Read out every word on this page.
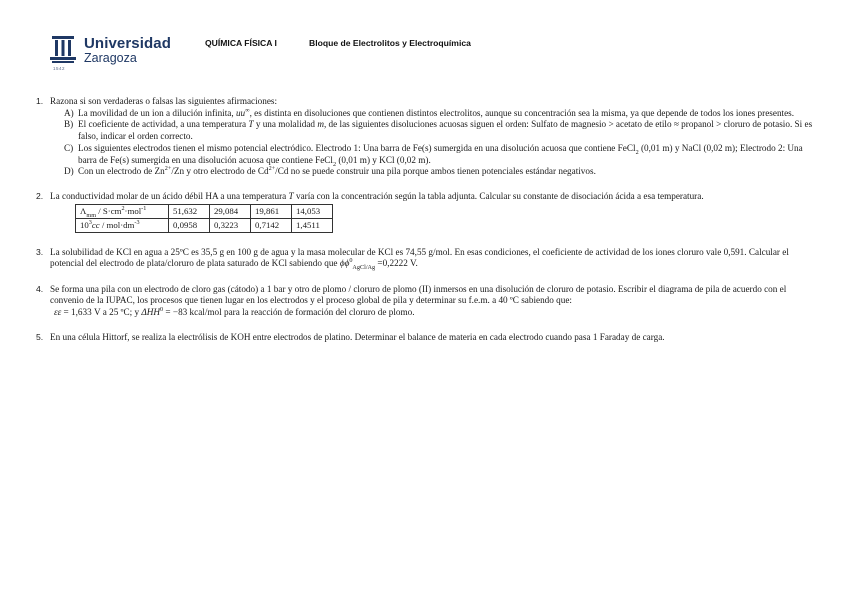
Universidad
Zaragoza
1542
QUÍMICA FÍSICA I	Bloque de Electrolitos y Electroquímica
1. Razona si son verdaderas o falsas las siguientes afirmaciones:
A) La movilidad de un ion a dilución infinita, uu∞, es distinta en disoluciones que contienen distintos electrolitos, aunque su concentración sea la misma, ya que depende de todos los iones presentes.
B) El coeficiente de actividad, a una temperatura T y una molalidad m, de las siguientes disoluciones acuosas siguen el orden: Sulfato de magnesio > acetato de etilo ≈ propanol > cloruro de potasio. Si es falso, indicar el orden correcto.
C) Los siguientes electrodos tienen el mismo potencial electródico. Electrodo 1: Una barra de Fe(s) sumergida en una disolución acuosa que contiene FeCl$_2$ (0,01 m) y NaCl (0,02 m); Electrodo 2: Una barra de Fe(s) sumergida en una disolución acuosa que contiene FeCl$_2$ (0,01 m) y KCl (0,02 m).
D) Con un electrodo de $Zn^{2+}/Zn$ y otro electrodo de $Cd^{2+}/Cd$ no se puede construir una pila porque ambos tienen potenciales estándar negativos.
2. La conductividad molar de un ácido débil HA a una temperatura T varía con la concentración según la tabla adjunta. Calcular su constante de disociación ácida a esa temperatura.
$\Lambda_{mm} / S\cdot cm^2\cdot mol^{-1}$	51,632	29,084	19,861	14,053
$10^3cc / mol\cdot dm^{-3}$	0,0958	0,3223	0,7142	1,4511
3. La solubilidad de KCl en agua a 25ºC es 35,5 g en 100 g de agua y la masa molecular de KCl es 74,55 g/mol. En esas condiciones, el coeficiente de actividad de los iones cloruro vale 0,591. Calcular el potencial del electrodo de plata/cloruro de plata saturado de KCl sabiendo que $\phi\phi^0_{AgCl/Ag} =0,2222$ V.
4. Se forma una pila con un electrodo de cloro gas (cátodo) a 1 bar y otro de plomo / cloruro de plomo (II) inmersos en una disolución de cloruro de potasio. Escribir el diagrama de pila de acuerdo con el convenio de la IUPAC, los procesos que tienen lugar en los electrodos y el proceso global de pila y determinar su f.e.m. a 40 ºC sabiendo que:
εε = 1,633 V a 25 ºC; y $\Delta HH^0 = -83$ kcal/mol para la reacción de formación del cloruro de plomo.
5. En una célula Hittorf, se realiza la electrólisis de KOH entre electrodos de platino. Determinar el balance de materia en cada electrodo cuando pasa 1 Faraday de carga.
